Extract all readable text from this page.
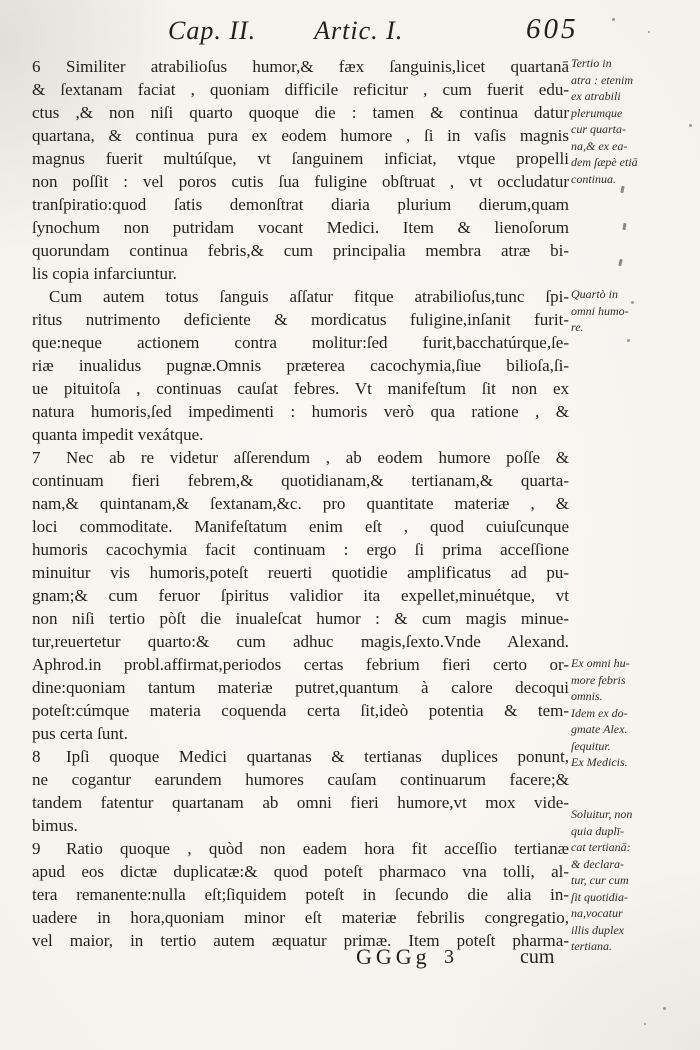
Cap. II. Artic. I.	605
6  Similiter atrabilioſus humor,& fæx ſanguinis,licet quartanā
& ſextanam faciat , quoniam difficile reficitur , cum fuerit edu-
ctus ,& non niſi quarto quoque die : tamen & continua datur
quartana, & continua pura ex eodem humore , ſi in vaſis magnis
magnus fuerit multúſque, vt ſanguinem inficiat, vtque propelli
non poſſit : vel poros cutis ſua fuligine obſtruat , vt occludatur
tranſpiratio:quod ſatis demonſtrat diaria plurium dierum,quam
ſynochum non putridam vocant Medici. Item & lienoſorum
quorundam continua febris,& cum principalia membra atræ bi-
lis copia infarciuntur.
 Cum autem totus ſanguis aſſatur fitque atrabilioſus,tunc ſpi-
ritus nutrimento deficiente & mordicatus fuligine,inſanit furit-
que:neque actionem contra molitur:ſed furit,bacchatúrque,ſe-
riæ inualidus pugnæ.Omnis præterea cacochymia,ſiue bilioſa,ſi-
ue pituitoſa , continuas cauſat febres. Vt manifeſtum ſit non ex
natura humoris,ſed impedimenti : humoris verò qua ratione , &
quanta impedit vexátque.
7  Nec ab re videtur aſſerendum , ab eodem humore poſſe &
continuam fieri febrem,& quotidianam,& tertianam,& quarta-
nam,& quintanam,& ſextanam,&c. pro quantitate materiæ , &
loci commoditate. Manifeſtatum enim eſt , quod cuiuſcunque
humoris cacochymia facit continuam : ergo ſi prima acceſſione
minuitur vis humoris,poteſt reuerti quotidie amplificatus ad pu-
gnam;& cum feruor ſpiritus validior ita expellet,minuétque, vt
non niſi tertio pòſt die inualeſcat humor : & cum magis minue-
tur,reuertetur quarto:& cum adhuc magis,ſexto.Vnde Alexand.
Aphrod.in probl.affirmat,periodos certas febrium fieri certo or-
dine:quoniam tantum materiæ putret,quantum à calore decoqui
poteſt:cúmque materia coquenda certa ſit,ideò potentia & tem-
pus certa ſunt.
8  Ipſi quoque Medici quartanas & tertianas duplices ponunt,
ne cogantur earundem humores cauſam continuarum facere;&
tandem fatentur quartanam ab omni fieri humore,vt mox vide-
bimus.
9  Ratio quoque , quòd non eadem hora fit acceſſio tertianæ
apud eos dictæ duplicatæ:& quod poteſt pharmaco vna tolli, al-
tera remanente:nulla eſt;ſiquidem poteſt in ſecundo die alia in-
uadere in hora,quoniam minor eſt materiæ febrilis congregatio,
vel maior, in tertio autem æquatur primæ. Item poteſt pharma-
Tertio in
atra : etenim
ex atrabili
plerumque
cur quarta-
na,& ex ea-
dem ſæpè etiā
continua.
Quartò in
omni humo-
re.
Ex omni hu-
more febris
omnis.
Idem ex do-
gmate Alex.
ſequitur.
Ex Medicis.
Soluitur, non
quia duplī-
cat tertianā:
& declara-
tur, cur cum
ſit quotidia-
na,vocatur
illis duplex
tertiana.
GGGg 3	cum
